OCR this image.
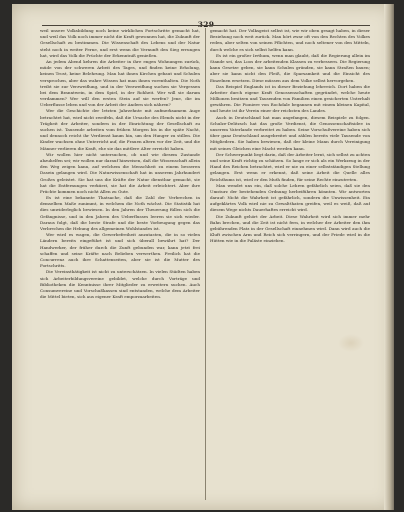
329

weil unsere Volksbildung noch keine wirklichen Fortschritte gemacht hat, und weil das Volk noch immer nicht die Kraft gewonnen hat, die Zukunft der Gesellschaft zu bestimmen. Die Wissenschaft des Lebens und der Natur steht noch in weiter Ferne, und erst wenn die Vernunft den Sieg errungen hat, wird das Volk die Früchte der Erkenntniß genießen.

An jedem Abend kehren die Arbeiter in ihre engen Wohnungen zurück, müde von der schweren Arbeit des Tages, und finden keine Erholung, keinen Trost, keine Belehrung. Man hat ihnen Kirchen gebaut und Schulen versprochen, aber das wahre Wissen hat man ihnen vorenthalten. Die Noth treibt sie zur Verzweiflung, und in der Verzweiflung suchen sie Vergessen bei dem Branntwein, in dem Spiel, in der Rohheit. Wer will sie darum verdammen? Wer will den ersten Stein auf sie werfen? Jene, die im Ueberflusse leben und von der Arbeit der Andern sich nähren?

Wer die Geschichte der letzten Jahrzehnte mit aufmerksamem Auge betrachtet hat, wird nicht zweifeln, daß die Ursache des Elends nicht in der Trägheit der Arbeiter, sondern in der Einrichtung der Gesellschaft zu suchen ist. Tausende arbeiten vom frühen Morgen bis in die späte Nacht, und dennoch reicht ihr Verdienst kaum hin, um den Hunger zu stillen. Die Kinder wachsen ohne Unterricht auf, die Frauen altern vor der Zeit, und die Männer verlieren die Kraft, ehe sie das mittlere Alter erreicht haben.

Wir wollen hier nicht untersuchen, ob und wie diesem Zustande abzuhelfen sei; wir wollen nur darauf hinweisen, daß die Wissenschaft allein den Weg zeigen kann, auf welchem die Menschheit zu einem besseren Dasein gelangen wird. Die Naturwissenschaft hat in unserem Jahrhundert Großes geleistet. Sie hat uns die Kräfte der Natur dienstbar gemacht, sie hat die Entfernungen verkürzt, sie hat die Arbeit erleichtert. Aber ihre Früchte kommen noch nicht Allen zu Gute.

Es ist eine bekannte Thatsache, daß die Zahl der Verbrechen in demselben Maße zunimmt, in welchem die Noth wächst. Die Statistik hat dies unwiderleglich bewiesen. In den Jahren der Theuerung füllen sich die Gefängnisse, und in den Jahren des Ueberflusses leeren sie sich wieder. Daraus folgt, daß die beste Strafe und die beste Vorbeugung gegen das Verbrechen die Hebung des allgemeinen Wohlstandes ist.

Wer wird es wagen, die Gewerbefreiheit anzutasten, die in so vielen Ländern bereits eingeführt ist und sich überall bewährt hat? Der Handwerker, der früher durch die Zunft gebunden war, kann jetzt frei schaffen und seine Kräfte nach Belieben verwerthen. Freilich hat die Concurrenz auch ihre Schattenseiten, aber sie ist die Mutter des Fortschritts.

Die Vereinsthätigkeit ist nicht zu unterschätzen. In vielen Städten haben sich Arbeiterbildungsvereine gebildet, welche durch Vorträge und Bibliotheken die Kenntnisse ihrer Mitglieder zu erweitern suchen. Auch Consumvereine und Vorschußkassen sind entstanden, welche dem Arbeiter die Mittel bieten, sich aus eigener Kraft emporzuarbeiten.

gemacht hat. Der Volksgeist selbst ist, wie wir oben gesagt haben, in dieser Beziehung noch weit zurück. Man hört zwar oft von den Rechten des Volkes reden, aber selten von seinen Pflichten, und noch seltener von den Mitteln, durch welche es sich selbst helfen kann.

Es ist ein großer Irrthum, wenn man glaubt, daß die Regierung allein im Stande sei, das Loos der arbeitenden Klassen zu verbessern. Die Regierung kann Gesetze geben, sie kann Schulen gründen, sie kann Straßen bauen; aber sie kann nicht den Fleiß, die Sparsamkeit und die Einsicht des Einzelnen ersetzen. Diese müssen aus dem Volke selbst hervorgehen.

Das Beispiel Englands ist in dieser Beziehung lehrreich. Dort haben die Arbeiter durch eigene Kraft Genossenschaften gegründet, welche heute Millionen besitzen und Tausenden von Familien einen gesicherten Unterhalt gewähren. Die Pioniere von Rochdale begannen mit einem kleinen Kapital, und heute ist ihr Verein einer der reichsten des Landes.

Auch in Deutschland hat man angefangen, diesem Beispiele zu folgen. Schulze-Delitzsch hat das große Verdienst, die Genossenschaftsidee in unserem Vaterlande verbreitet zu haben. Seine Vorschußvereine haben sich über ganz Deutschland ausgebreitet und zählen bereits viele Tausende von Mitgliedern. Sie haben bewiesen, daß der kleine Mann durch Vereinigung mit seines Gleichen eine Macht werden kann.

Der Schwerpunkt liegt darin, daß der Arbeiter lernt, sich selbst zu achten und seine Kraft richtig zu schätzen. So lange er sich als ein Werkzeug in der Hand des Reichen betrachtet, wird er nie zu einer selbstständigen Stellung gelangen. Erst wenn er erkennt, daß seine Arbeit die Quelle alles Reichthums ist, wird er den Muth finden, für seine Rechte einzutreten.

Man wendet uns ein, daß solche Lehren gefährlich seien, daß sie den Umsturz der bestehenden Ordnung herbeiführen könnten. Wir antworten darauf: Nicht die Wahrheit ist gefährlich, sondern die Unwissenheit. Ein aufgeklärtes Volk wird nie zu Gewaltthaten greifen, weil es weiß, daß auf diesem Wege nichts Dauerhaftes erreicht wird.

Die Zukunft gehört der Arbeit. Diese Wahrheit wird sich immer mehr Bahn brechen, und die Zeit ist nicht fern, in welcher der Arbeiter den ihm gebührenden Platz in der Gesellschaft einnehmen wird. Dann wird auch die Kluft zwischen Arm und Reich sich verringern, und der Friede wird in die Hütten wie in die Paläste einziehen.
